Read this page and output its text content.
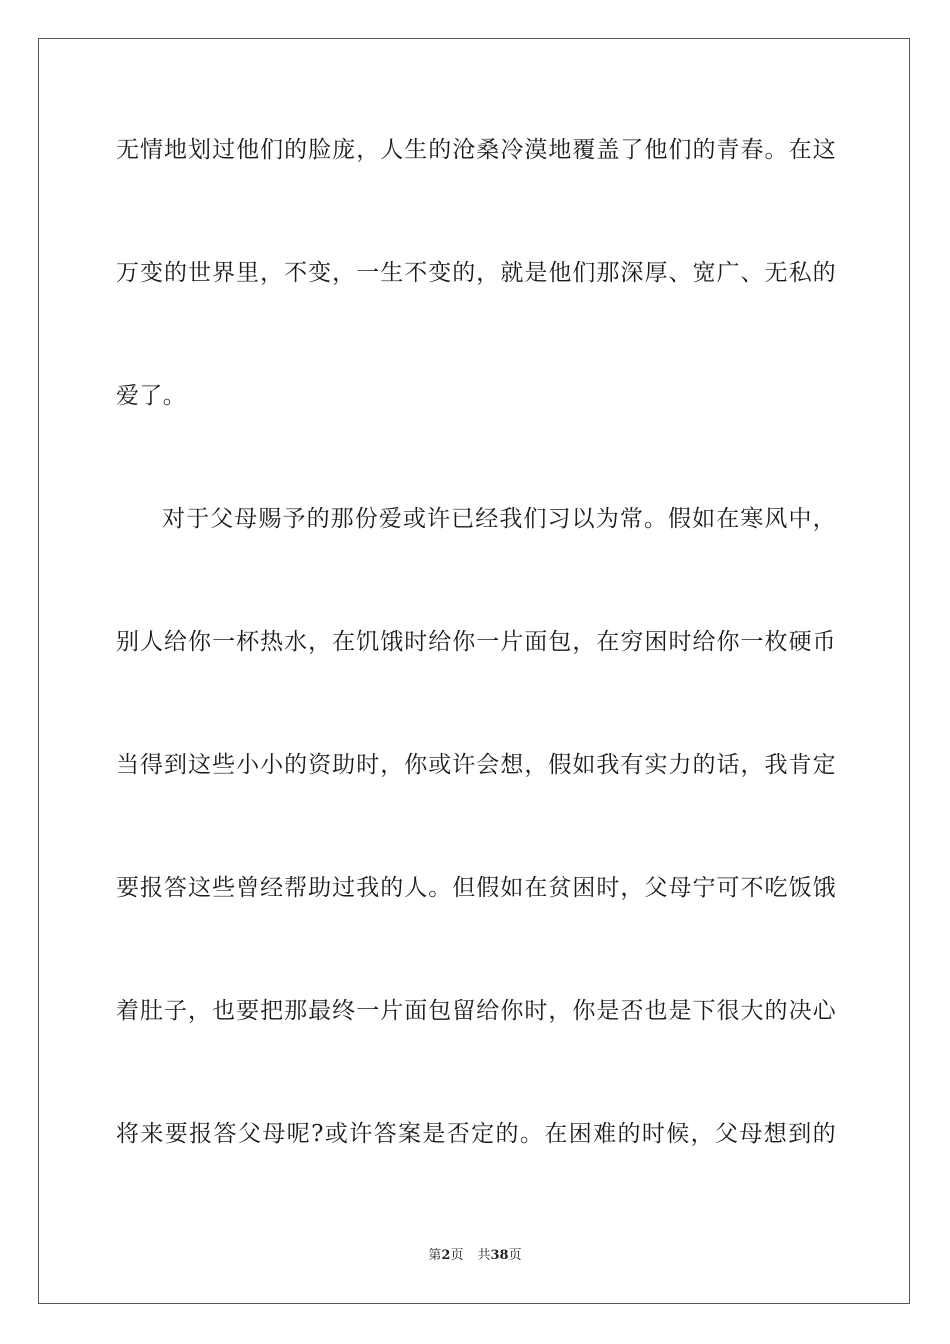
无情地划过他们的脸庞，人生的沧桑冷漠地覆盖了他们的青春。在这
万变的世界里，不变，一生不变的，就是他们那深厚、宽广、无私的
爱了。
对于父母赐予的那份爱或许已经我们习以为常。假如在寒风中，
别人给你一杯热水，在饥饿时给你一片面包，在穷困时给你一枚硬币
当得到这些小小的资助时，你或许会想，假如我有实力的话，我肯定
要报答这些曾经帮助过我的人。但假如在贫困时，父母宁可不吃饭饿
着肚子，也要把那最终一片面包留给你时，你是否也是下很大的决心
将来要报答父母呢?或许答案是否定的。在困难的时候，父母想到的
第2页 共38页
